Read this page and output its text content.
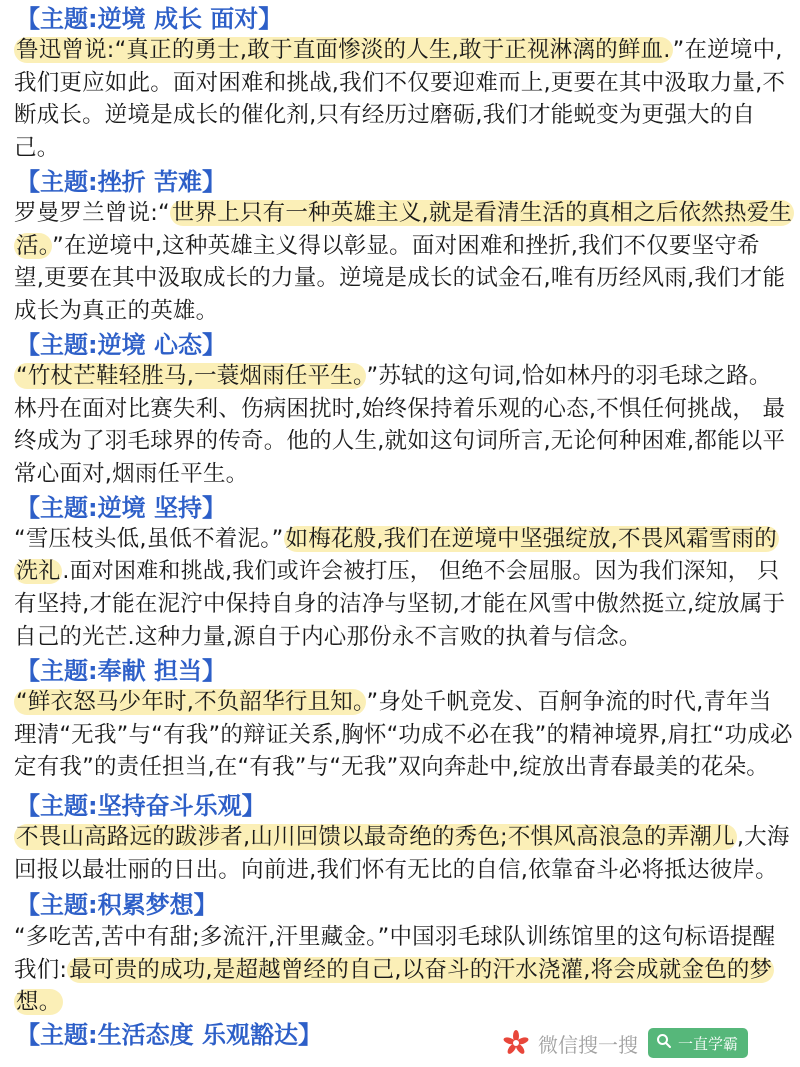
【主题:逆境 成长 面对】
鲁迅曾说:“真正的勇士,敢于直面惨淡的人生,敢于正视淋漓的鲜血.”在逆境中,
我们更应如此。面对困难和挑战,我们不仅要迎难而上,更要在其中汲取力量,不
断成长。逆境是成长的催化剂,只有经历过磨砺,我们才能蜕变为更强大的自
己。
【主题:挫折 苦难】
罗曼罗兰曾说:“世界上只有一种英雄主义,就是看清生活的真相之后依然热爱生
活。”在逆境中,这种英雄主义得以彰显。面对困难和挫折,我们不仅要坚守希
望,更要在其中汲取成长的力量。逆境是成长的试金石,唯有历经风雨,我们才能
成长为真正的英雄。
【主题:逆境 心态】
“竹杖芒鞋轻胜马,一蓑烟雨任平生。”苏轼的这句词,恰如林丹的羽毛球之路。
林丹在面对比赛失利、伤病困扰时,始终保持着乐观的心态,不惧任何挑战， 最
终成为了羽毛球界的传奇。他的人生,就如这句词所言,无论何种困难,都能以平
常心面对,烟雨任平生。
【主题:逆境 坚持】
“雪压枝头低,虽低不着泥。”如梅花般,我们在逆境中坚强绽放,不畏风霜雪雨的
洗礼.面对困难和挑战,我们或许会被打压， 但绝不会屈服。因为我们深知， 只
有坚持,才能在泥泞中保持自身的洁净与坚韧,才能在风雪中傲然挺立,绽放属于
自己的光芒.这种力量,源自于内心那份永不言败的执着与信念。
【主题:奉献 担当】
“鲜衣怒马少年时,不负韶华行且知。”身处千帆竞发、百舸争流的时代,青年当
理清“无我”与“有我”的辩证关系,胸怀“功成不必在我”的精神境界,肩扛“功成必
定有我”的责任担当,在“有我”与“无我”双向奔赴中,绽放出青春最美的花朵。
【主题:坚持奋斗乐观】
不畏山高路远的跋涉者,山川回馈以最奇绝的秀色;不惧风高浪急的弄潮儿,大海
回报以最壮丽的日出。向前进,我们怀有无比的自信,依靠奋斗必将抵达彼岸。
【主题:积累梦想】
“多吃苦,苦中有甜;多流汗,汗里藏金。”中国羽毛球队训练馆里的这句标语提醒
我们:最可贵的成功,是超越曾经的自己,以奋斗的汗水浇灌,将会成就金色的梦
想。
【主题:生活态度 乐观豁达】	微信搜一搜	一直学霸
